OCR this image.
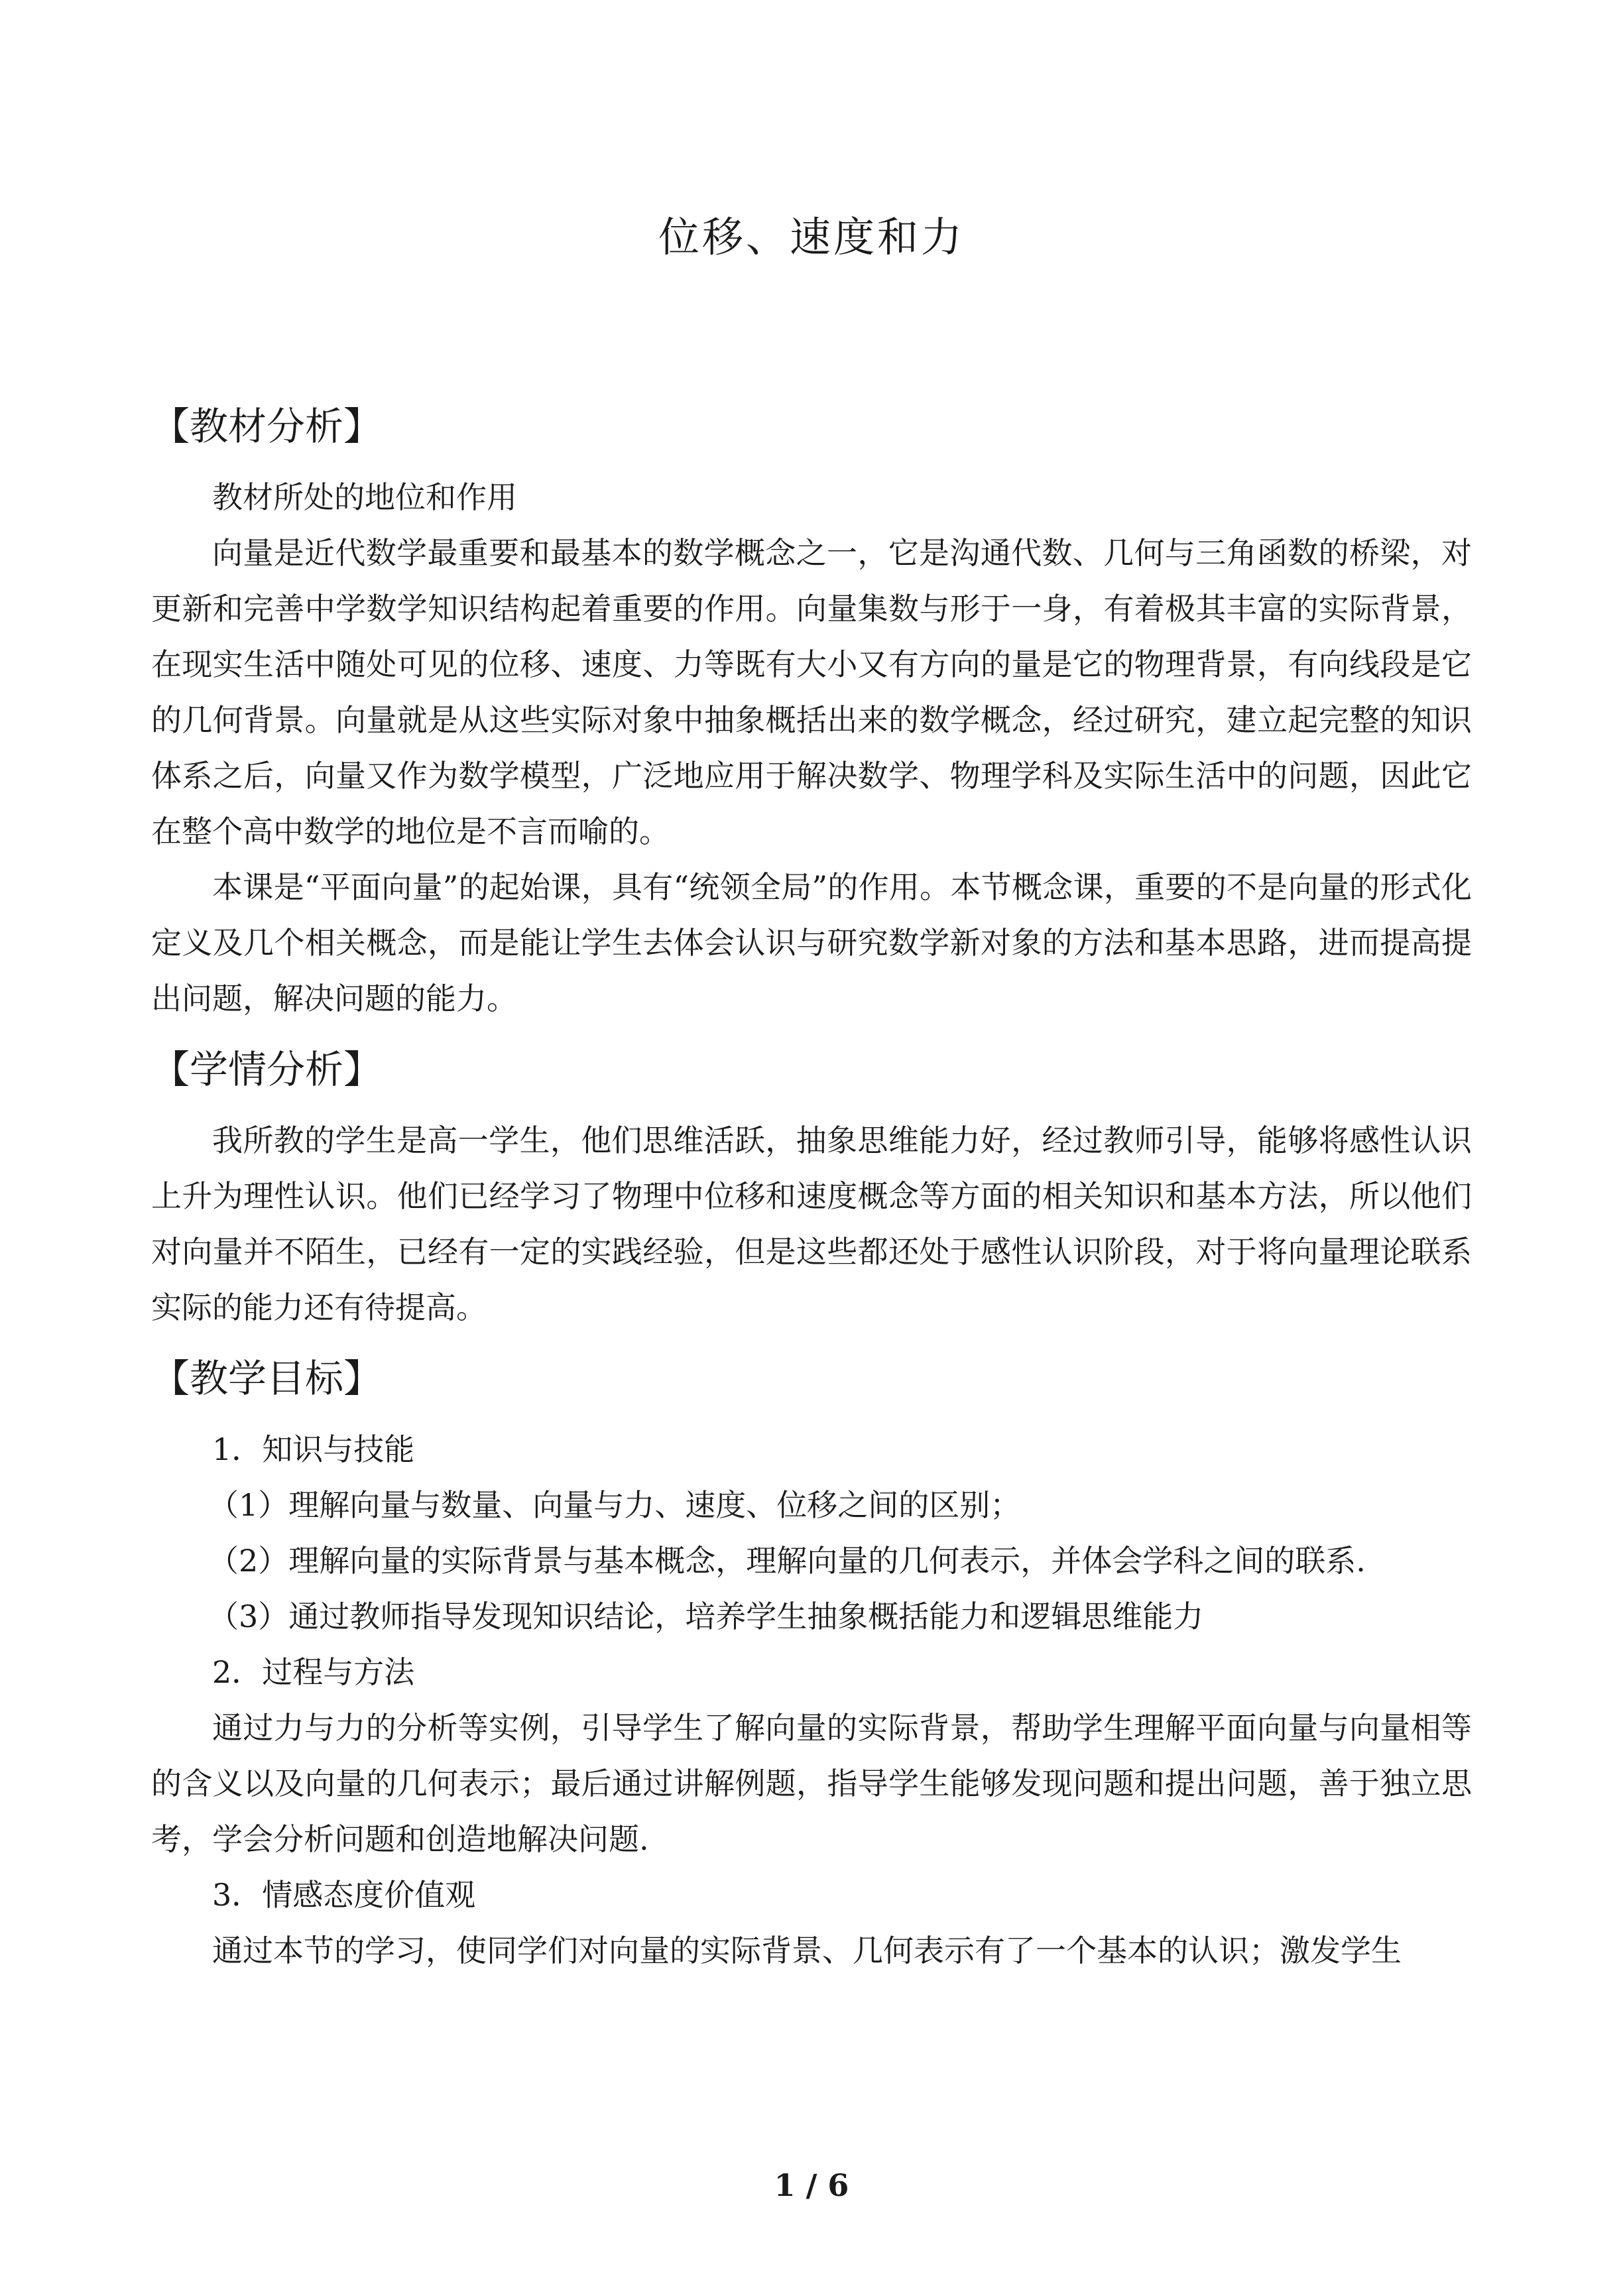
位移、速度和力
【教材分析】

教材所处的地位和作用

向量是近代数学最重要和最基本的数学概念之一，它是沟通代数、几何与三角函数的桥梁，对更新和完善中学数学知识结构起着重要的作用。向量集数与形于一身，有着极其丰富的实际背景，在现实生活中随处可见的位移、速度、力等既有大小又有方向的量是它的物理背景，有向线段是它的几何背景。向量就是从这些实际对象中抽象概括出来的数学概念，经过研究，建立起完整的知识体系之后，向量又作为数学模型，广泛地应用于解决数学、物理学科及实际生活中的问题，因此它在整个高中数学的地位是不言而喻的。

本课是“平面向量”的起始课，具有“统领全局”的作用。本节概念课，重要的不是向量的形式化定义及几个相关概念，而是能让学生去体会认识与研究数学新对象的方法和基本思路，进而提高提出问题，解决问题的能力。

【学情分析】

我所教的学生是高一学生，他们思维活跃，抽象思维能力好，经过教师引导，能够将感性认识上升为理性认识。他们已经学习了物理中位移和速度概念等方面的相关知识和基本方法，所以他们对向量并不陌生，已经有一定的实践经验，但是这些都还处于感性认识阶段，对于将向量理论联系实际的能力还有待提高。

【教学目标】

1．知识与技能

（1）理解向量与数量、向量与力、速度、位移之间的区别；

（2）理解向量的实际背景与基本概念，理解向量的几何表示，并体会学科之间的联系.

（3）通过教师指导发现知识结论，培养学生抽象概括能力和逻辑思维能力

2．过程与方法

通过力与力的分析等实例，引导学生了解向量的实际背景，帮助学生理解平面向量与向量相等的含义以及向量的几何表示；最后通过讲解例题，指导学生能够发现问题和提出问题，善于独立思考，学会分析问题和创造地解决问题.

3．情感态度价值观

通过本节的学习，使同学们对向量的实际背景、几何表示有了一个基本的认识；激发学生

1 / 6
